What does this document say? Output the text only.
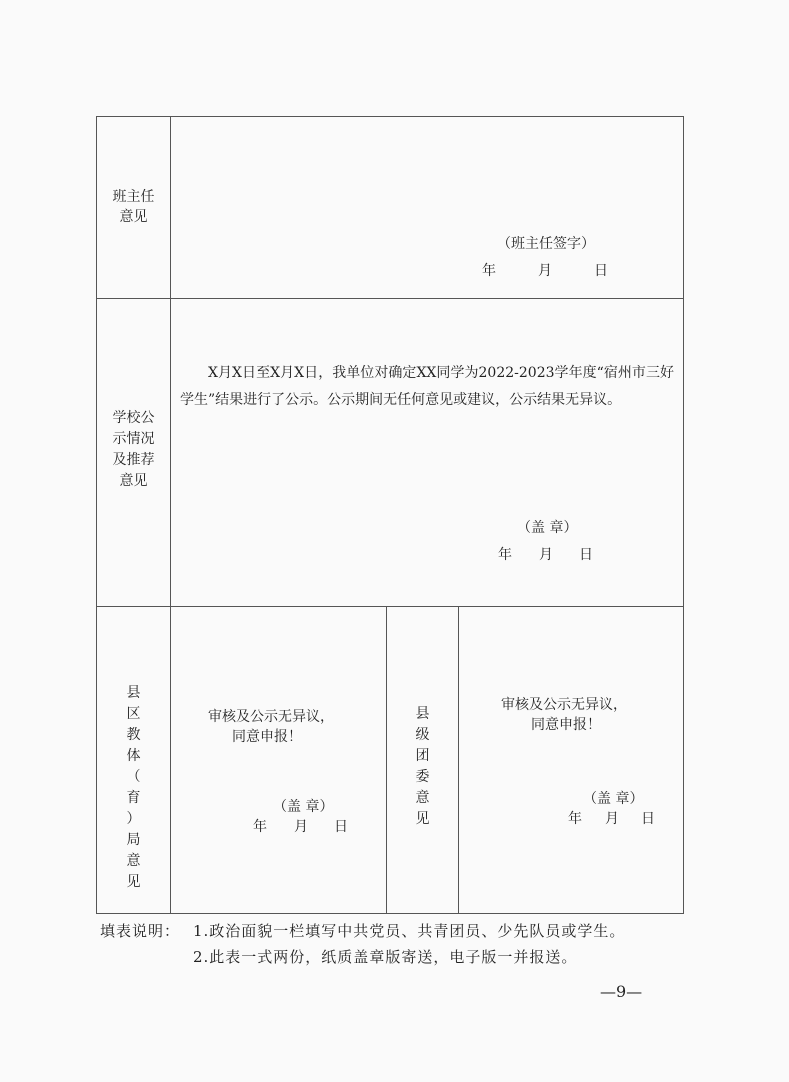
班主任
意见
（班主任签字）
年	月	日
学校公
示情况
及推荐
意见
X月X日至X月X日，我单位对确定XX同学为2022-2023学年度“宿州市三好学生”结果进行了公示。公示期间无任何意见或建议，公示结果无异议。
（盖 章）
年 月 日
县
区
教
体
（
育
）
局
意
见
审核及公示无异议，
同意申报！
（盖 章）
年 月 日
县
级
团
委
意
见
审核及公示无异议，
同意申报！
（盖 章）
年 月 日
填表说明： 1.政治面貌一栏填写中共党员、共青团员、少先队员或学生。
2.此表一式两份，纸质盖章版寄送，电子版一并报送。
—9—
